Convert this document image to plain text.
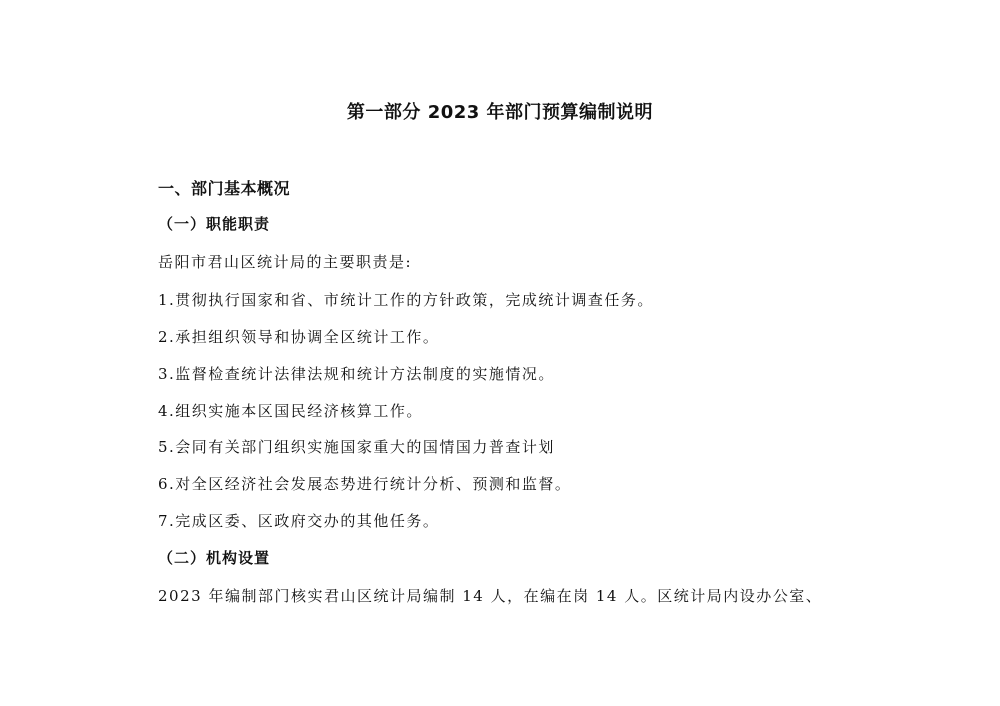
第一部分 2023 年部门预算编制说明
一、部门基本概况
（一）职能职责
岳阳市君山区统计局的主要职责是:
1.贯彻执行国家和省、市统计工作的方针政策，完成统计调查任务。
2.承担组织领导和协调全区统计工作。
3.监督检查统计法律法规和统计方法制度的实施情况。
4.组织实施本区国民经济核算工作。
5.会同有关部门组织实施国家重大的国情国力普查计划
6.对全区经济社会发展态势进行统计分析、预测和监督。
7.完成区委、区政府交办的其他任务。
（二）机构设置
2023 年编制部门核实君山区统计局编制 14 人，在编在岗 14 人。区统计局内设办公室、
